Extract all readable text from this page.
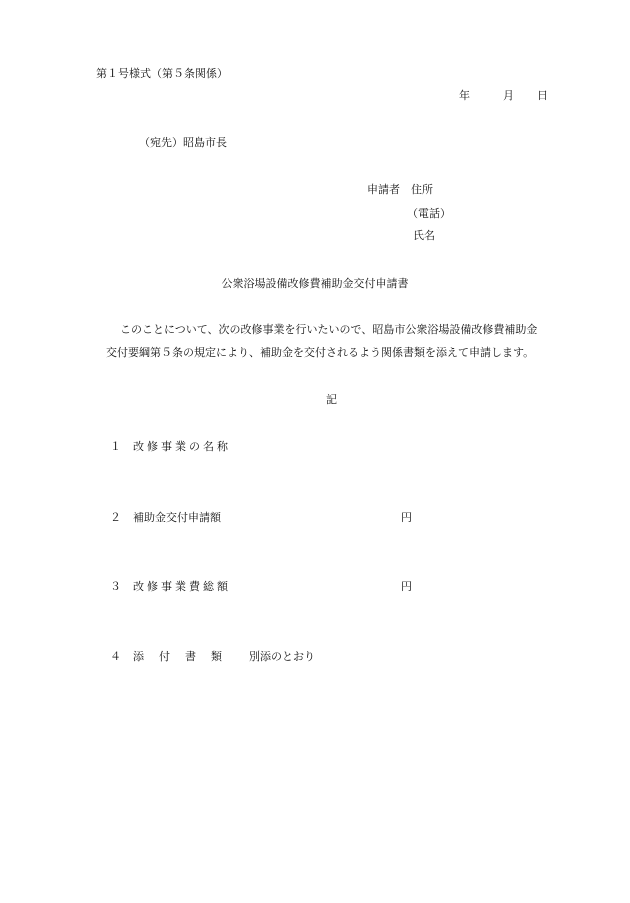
第１号様式（第５条関係）
年	月 日
（宛先）昭島市長
申請者　住所
（電話）
氏名
公衆浴場設備改修費補助金交付申請書
このことについて、次の改修事業を行いたいので、昭島市公衆浴場設備改修費補助金
交付要綱第５条の規定により、補助金を交付されるよう関係書類を添えて申請します。
記
１ 改修事業の名称
２ 補助金交付申請額	円
３ 改修事業費総額	円
４ 添付書類 別添のとおり
